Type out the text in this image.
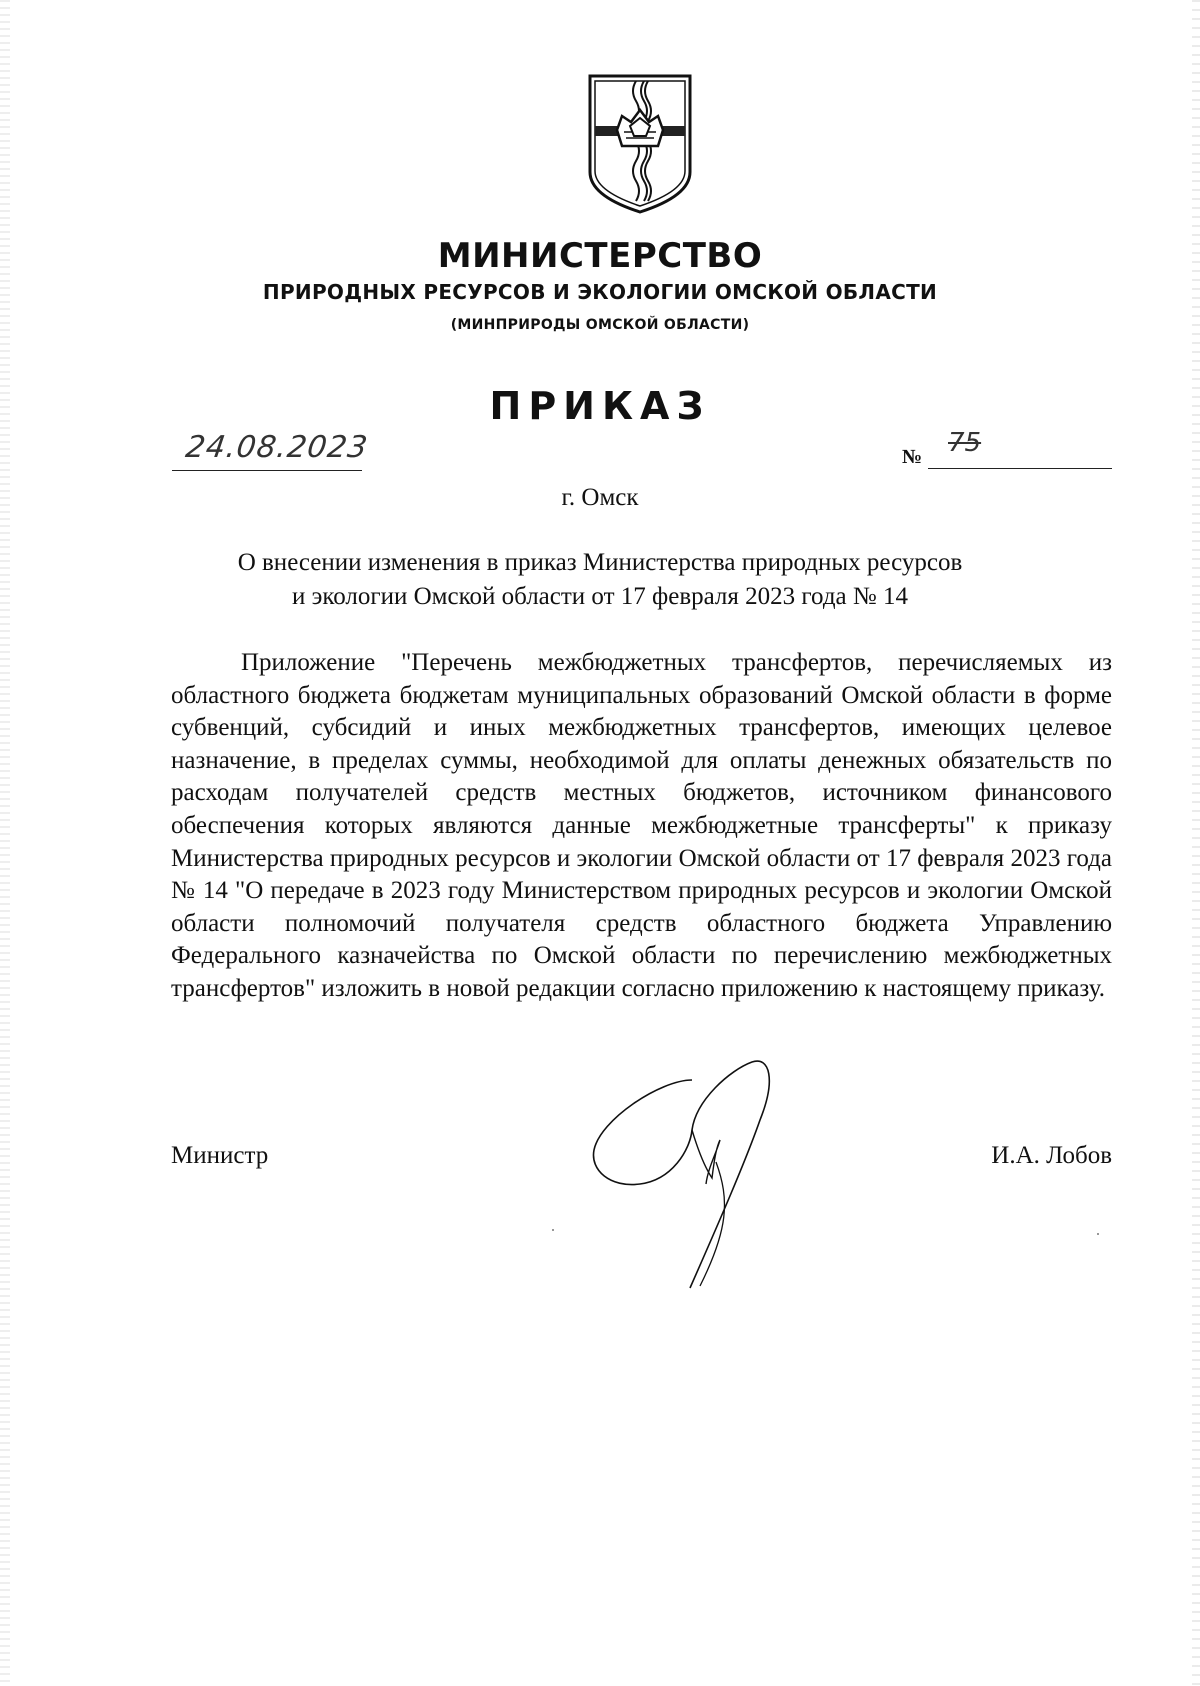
МИНИСТЕРСТВО
ПРИРОДНЫХ РЕСУРСОВ И ЭКОЛОГИИ ОМСКОЙ ОБЛАСТИ
(МИНПРИРОДЫ ОМСКОЙ ОБЛАСТИ)
ПРИКАЗ
24.08.2023	№ 75
г. Омск
О внесении изменения в приказ Министерства природных ресурсов
и экологии Омской области от 17 февраля 2023 года № 14
Приложение "Перечень межбюджетных трансфертов, перечисляемых из областного бюджета бюджетам муниципальных образований Омской области в форме субвенций, субсидий и иных межбюджетных трансфертов, имеющих целевое назначение, в пределах суммы, необходимой для оплаты денежных обязательств по расходам получателей средств местных бюджетов, источником финансового обеспечения которых являются данные межбюджетные трансферты" к приказу Министерства природных ресурсов и экологии Омской области от 17 февраля 2023 года № 14 "О передаче в 2023 году Министерством природных ресурсов и экологии Омской области полномочий получателя средств областного бюджета Управлению Федерального казначейства по Омской области по перечислению межбюджетных трансфертов" изложить в новой редакции согласно приложению к настоящему приказу.
Министр	И.А. Лобов
